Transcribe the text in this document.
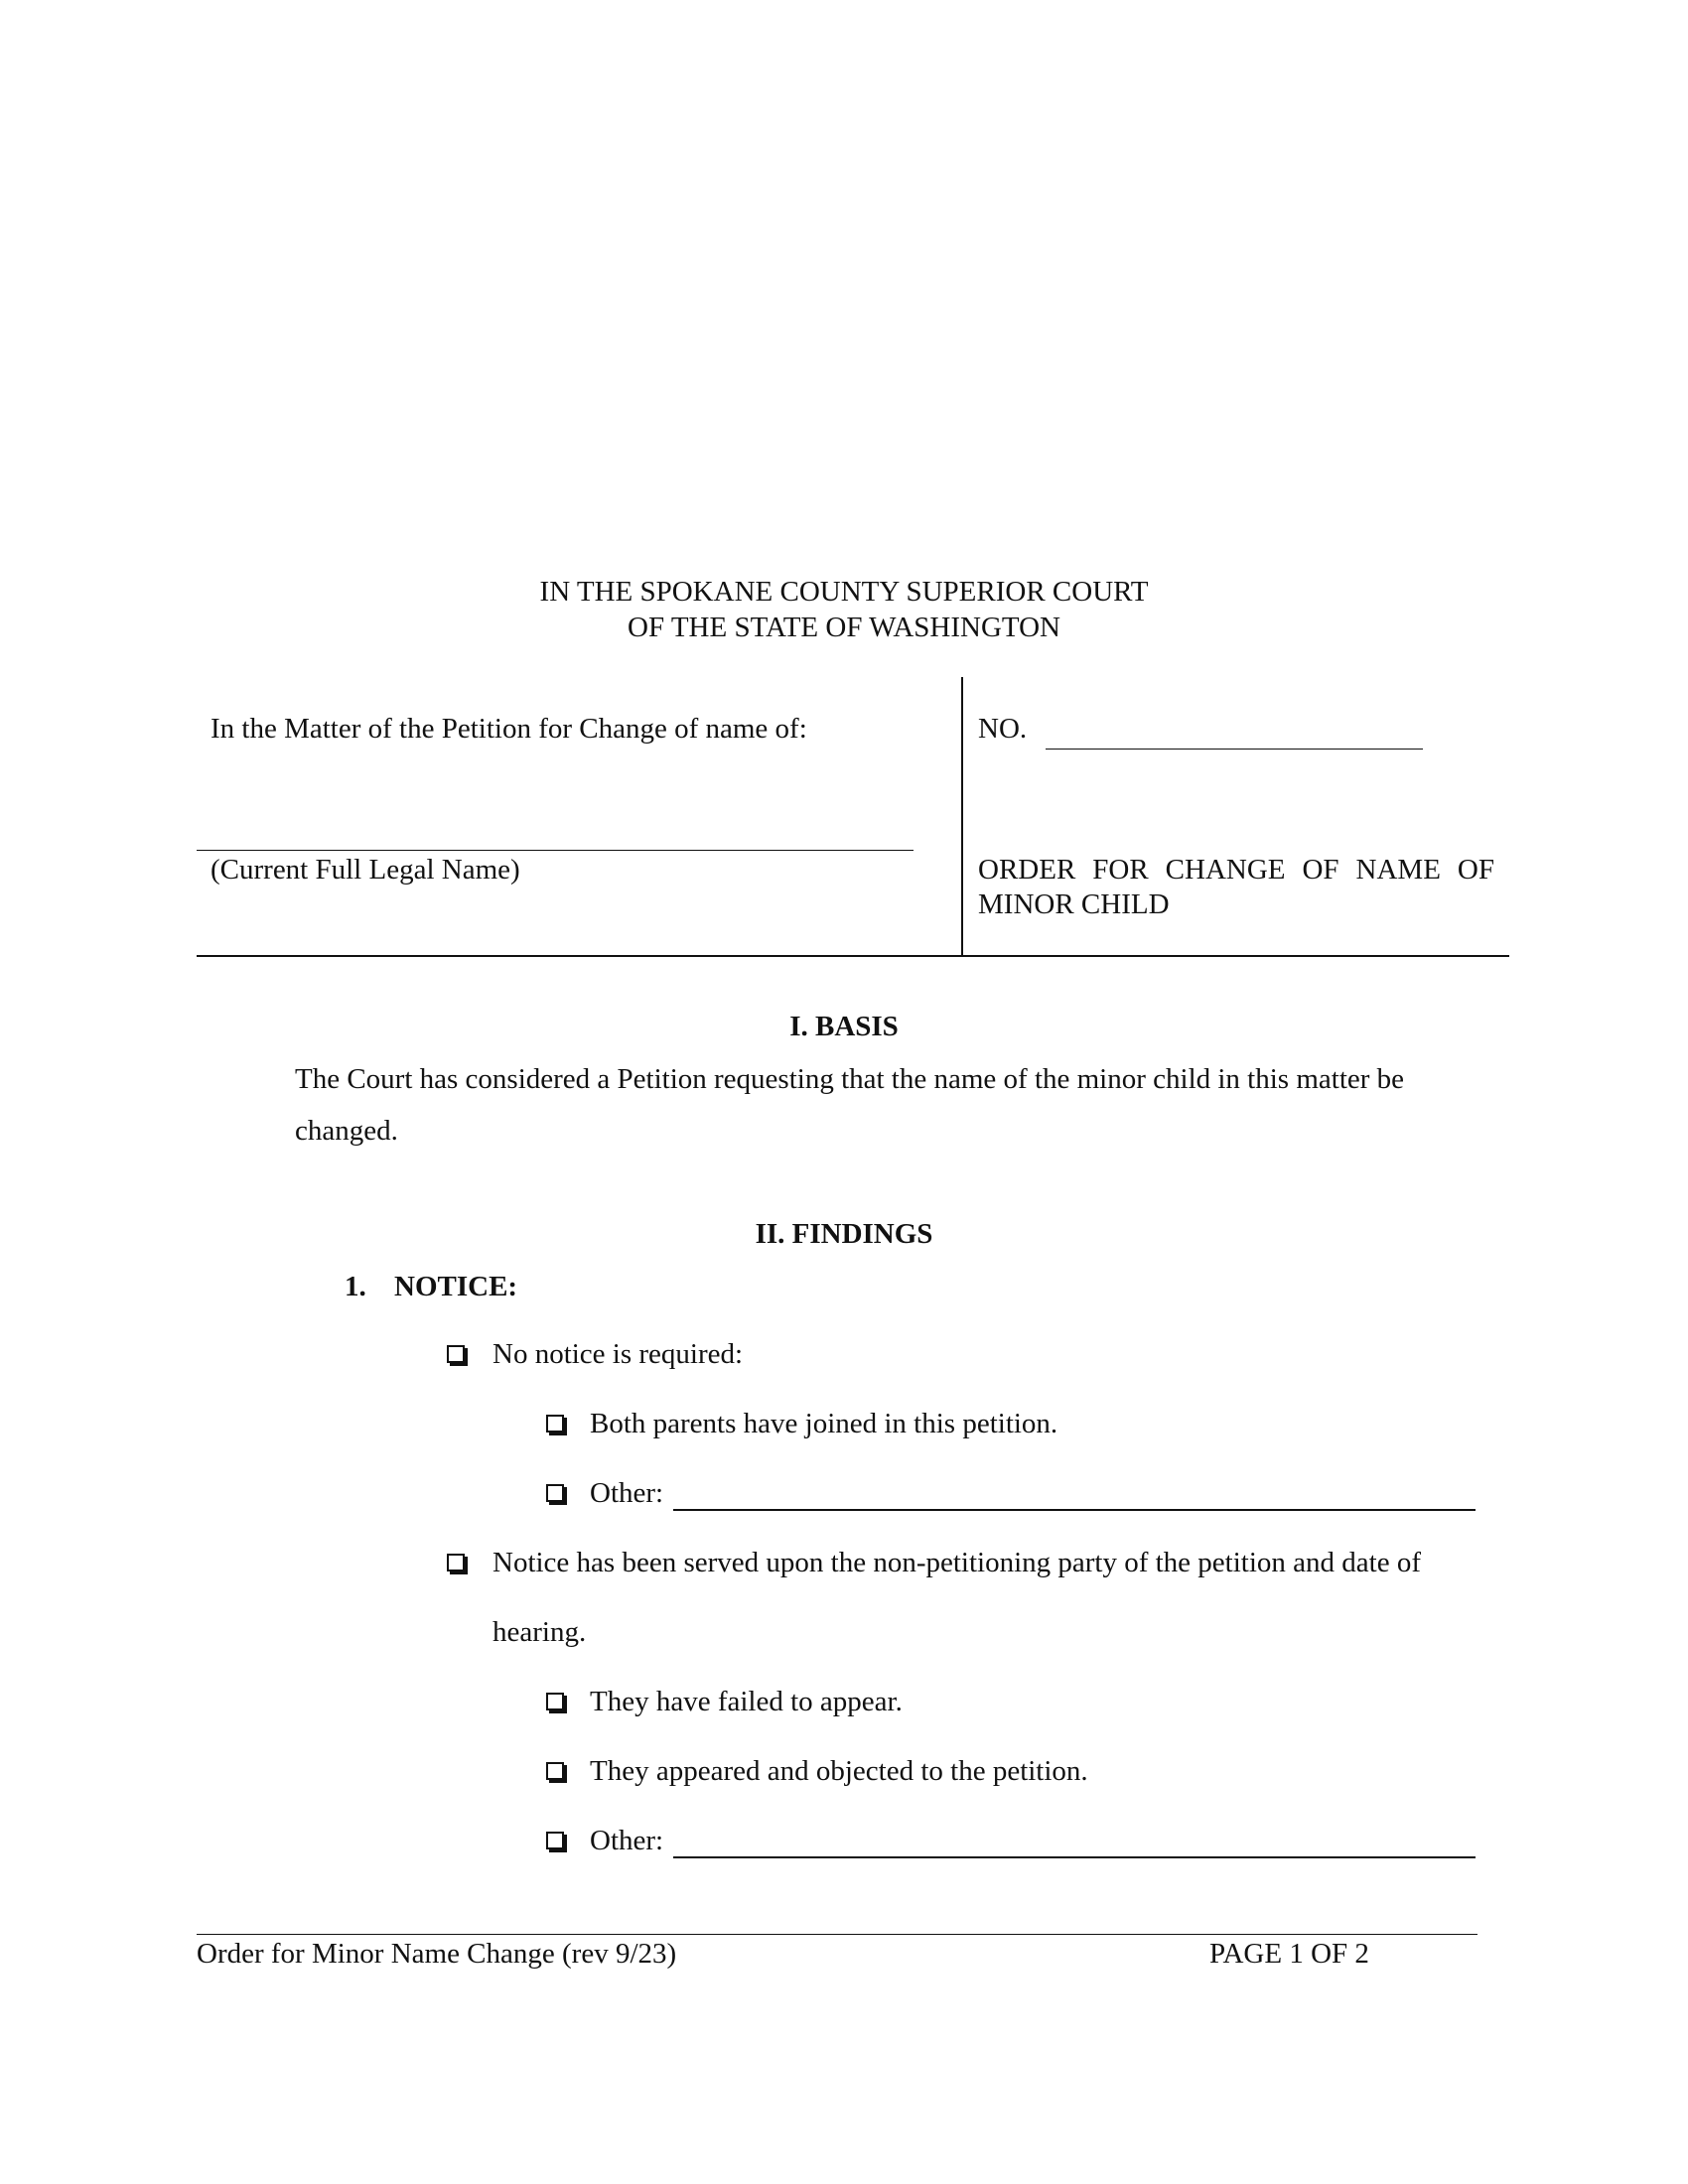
IN THE SPOKANE COUNTY SUPERIOR COURT
OF THE STATE OF WASHINGTON
In the Matter of the Petition for Change of name of:
(Current Full Legal Name)
NO.
ORDER FOR CHANGE OF NAME OF
MINOR CHILD
I. BASIS
The Court has considered a Petition requesting that the name of the minor child in this matter be
changed.
II. FINDINGS
1. NOTICE:
No notice is required:
Both parents have joined in this petition.
Other:
Notice has been served upon the non-petitioning party of the petition and date of
hearing.
They have failed to appear.
They appeared and objected to the petition.
Other:
Order for Minor Name Change (rev 9/23)	PAGE 1 OF 2
